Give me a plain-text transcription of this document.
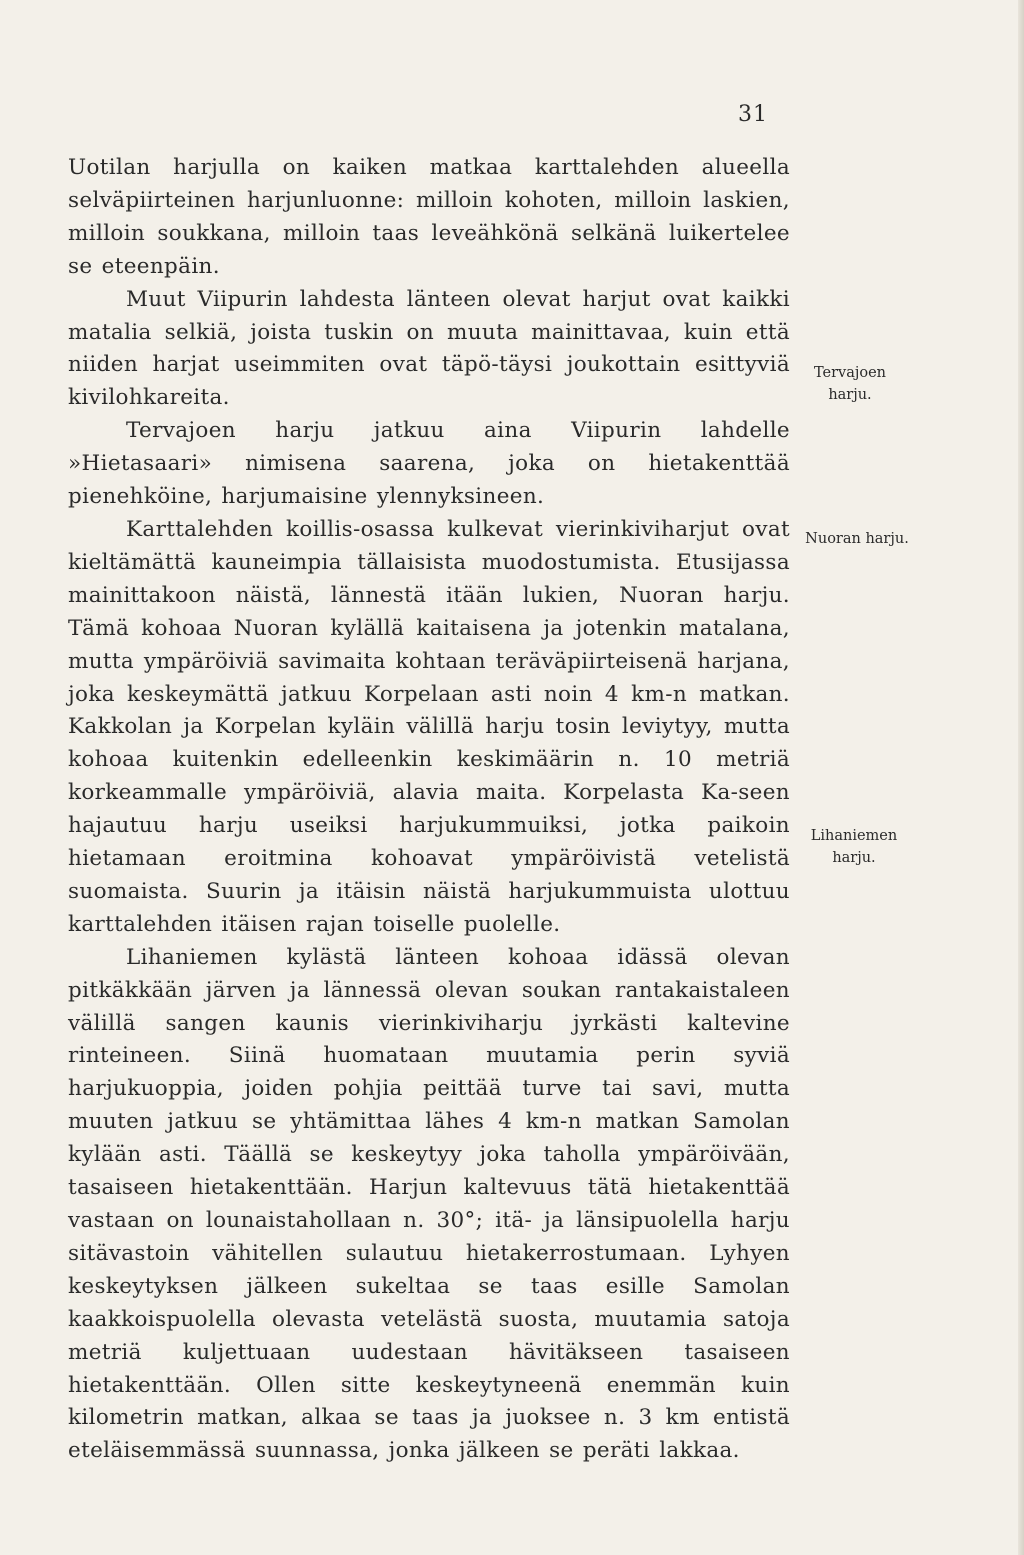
31

Uotilan harjulla on kaiken matkaa karttalehden alueella selväpiirteinen harjunluonne: milloin kohoten, milloin laskien, milloin soukkana, milloin taas leveähkönä selkänä luikertelee se eteenpäin.

Muut Viipurin lahdesta länteen olevat harjut ovat kaikki matalia selkiä, joista tuskin on muuta mainittavaa, kuin että niiden harjat useimmiten ovat täpö-täysi joukottain esittyviä kivilohkareita.

Tervajoen harju jatkuu aina Viipurin lahdelle »Hietasaari» nimisena saarena, joka on hietakenttää pienehköine, harjumaisine ylennyksineen.

Karttalehden koillis-osassa kulkevat vierinkiviharjut ovat kieltämättä kauneimpia tällaisista muodostumista. Etusijassa mainittakoon näistä, lännestä itään lukien, Nuoran harju. Tämä kohoaa Nuoran kylällä kaitaisena ja jotenkin matalana, mutta ympäröiviä savimaita kohtaan teräväpiirteisenä harjana, joka keskeymättä jatkuu Korpelaan asti noin 4 km-n matkan. Kakkolan ja Korpelan kyläin välillä harju tosin leviytyy, mutta kohoaa kuitenkin edelleenkin keskimäärin n. 10 metriä korkeammalle ympäröiviä, alavia maita. Korpelasta Ka-seen hajautuu harju useiksi harjukummuiksi, jotka paikoin hietamaan eroitmina kohoavat ympäröivistä vetelistä suomaista. Suurin ja itäisin näistä harjukummuista ulottuu karttalehden itäisen rajan toiselle puolelle.

Lihaniemen kylästä länteen kohoaa idässä olevan pitkäkkään järven ja lännessä olevan soukan rantakaistaleen välillä sangen kaunis vierinkiviharju jyrkästi kaltevine rinteineen. Siinä huomataan muutamia perin syviä harjukuoppia, joiden pohjia peittää turve tai savi, mutta muuten jatkuu se yhtämittaa lähes 4 km-n matkan Samolan kylään asti. Täällä se keskeytyy joka taholla ympäröivään, tasaiseen hietakenttään. Harjun kaltevuus tätä hietakenttää vastaan on lounaistahollaan n. 30°; itä- ja länsipuolella harju sitävastoin vähitellen sulautuu hietakerrostumaan. Lyhyen keskeytyksen jälkeen sukeltaa se taas esille Samolan kaakkoispuolella olevasta vetelästä suosta, muutamia satoja metriä kuljettuaan uudestaan hävitäkseen tasaiseen hietakenttään. Ollen sitte keskeytyneenä enemmän kuin kilometrin matkan, alkaa se taas ja juoksee n. 3 km entistä eteläisemmässä suunnassa, jonka jälkeen se peräti lakkaa.

Tervajoen
harju.
Nuoran harju.
Lihaniemen
harju.
